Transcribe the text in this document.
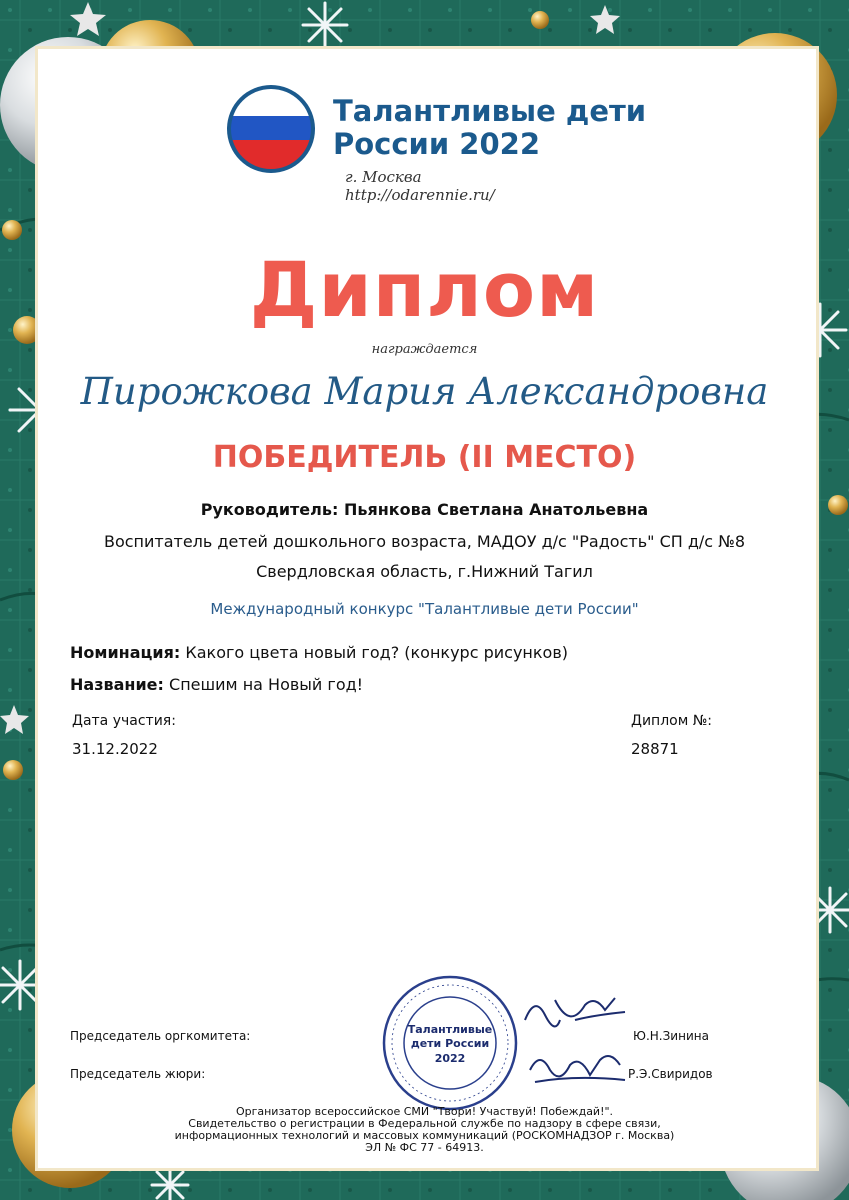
Талантливые дети
России 2022
г. Москва
http://odarennie.ru/
Диплом
награждается
Пирожкова Мария Александровна
ПОБЕДИТЕЛЬ (II МЕСТО)
Руководитель: Пьянкова Светлана Анатольевна
Воспитатель детей дошкольного возраста, МАДОУ д/с "Радость" СП д/с №8
Свердловская область, г.Нижний Тагил
Международный конкурс "Талантливые дети России"
Номинация: Какого цвета новый год? (конкурс рисунков)
Название: Спешим на Новый год!
Дата участия:
31.12.2022
Диплом №:
28871
Талантливые
дети России
2022
Председатель оргкомитета:	Ю.Н.Зинина
Председатель жюри:	Р.Э.Свиридов
Организатор всероссийское СМИ "Твори! Участвуй! Побеждай!".
Свидетельство о регистрации в Федеральной службе по надзору в сфере связи,
информационных технологий и массовых коммуникаций (РОСКОМНАДЗОР г. Москва)
ЭЛ № ФС 77 - 64913.
